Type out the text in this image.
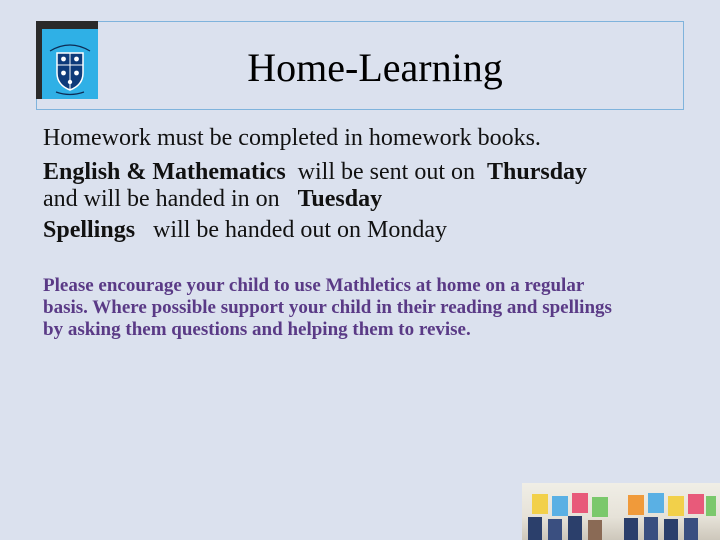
Home-Learning
Homework must be completed in homework books.
English & Mathematics  will be sent out on  Thursday
and will be handed in on   Tuesday
Spellings   will be handed out on Monday
Please encourage your child to use Mathletics at home on a regular basis. Where possible support your child in their reading and spellings by asking them questions and helping them to revise.
